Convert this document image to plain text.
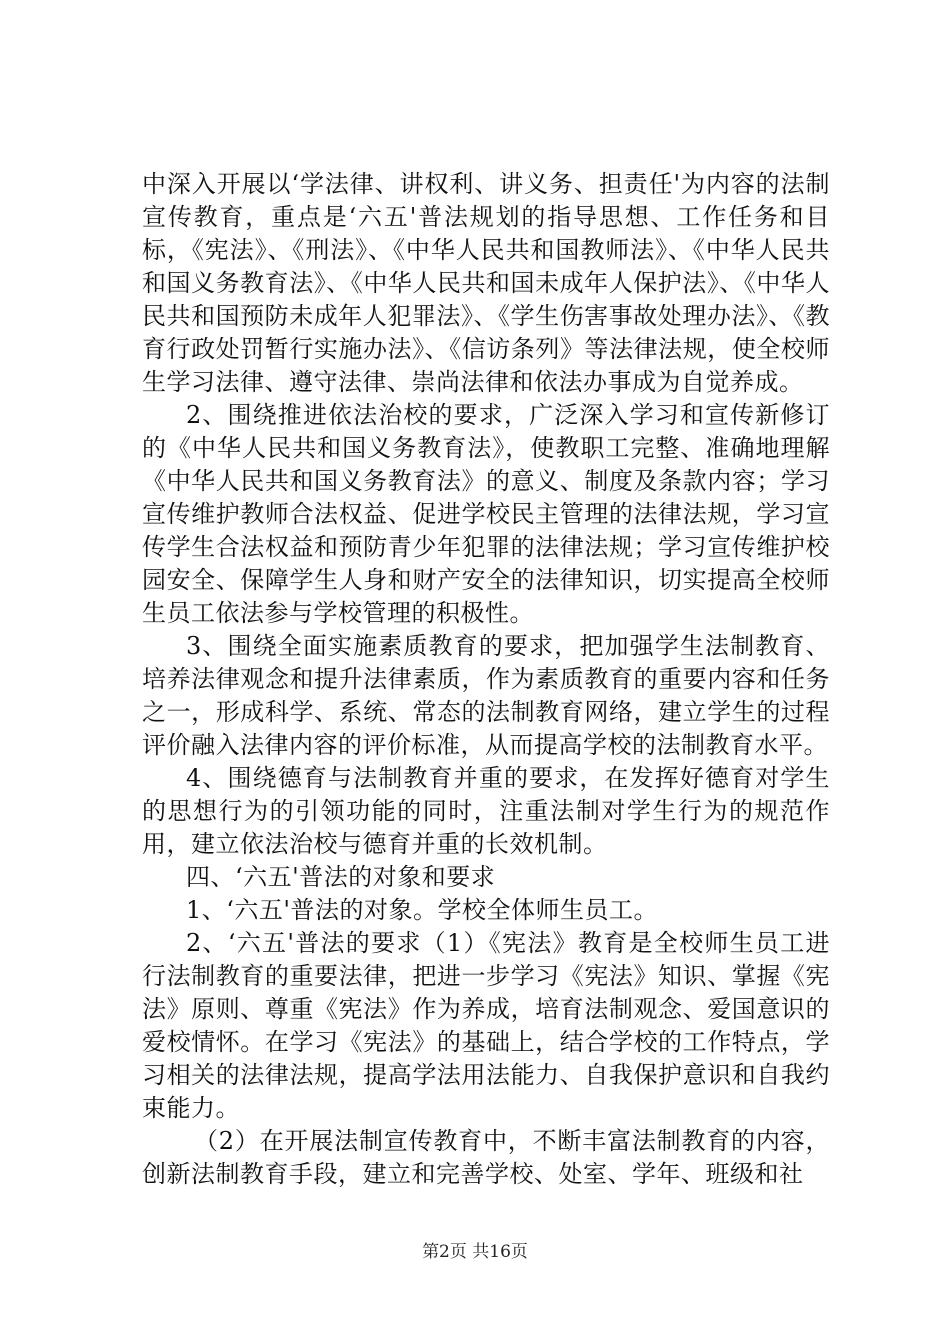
中深入开展以‘学法律、讲权利、讲义务、担责任'为内容的法制宣传教育，重点是‘六五'普法规划的指导思想、工作任务和目标，《宪法》、《刑法》、《中华人民共和国教师法》、《中华人民共和国义务教育法》、《中华人民共和国未成年人保护法》、《中华人民共和国预防未成年人犯罪法》、《学生伤害事故处理办法》、《教育行政处罚暂行实施办法》、《信访条列》等法律法规，使全校师生学习法律、遵守法律、崇尚法律和依法办事成为自觉养成。

2、围绕推进依法治校的要求，广泛深入学习和宣传新修订的《中华人民共和国义务教育法》，使教职工完整、准确地理解《中华人民共和国义务教育法》的意义、制度及条款内容；学习宣传维护教师合法权益、促进学校民主管理的法律法规，学习宣传学生合法权益和预防青少年犯罪的法律法规；学习宣传维护校园安全、保障学生人身和财产安全的法律知识，切实提高全校师生员工依法参与学校管理的积极性。

3、围绕全面实施素质教育的要求，把加强学生法制教育、培养法律观念和提升法律素质，作为素质教育的重要内容和任务之一，形成科学、系统、常态的法制教育网络，建立学生的过程评价融入法律内容的评价标准，从而提高学校的法制教育水平。

4、围绕德育与法制教育并重的要求，在发挥好德育对学生的思想行为的引领功能的同时，注重法制对学生行为的规范作用，建立依法治校与德育并重的长效机制。

四、‘六五'普法的对象和要求

1、‘六五'普法的对象。学校全体师生员工。

2、‘六五'普法的要求（1）《宪法》教育是全校师生员工进行法制教育的重要法律，把进一步学习《宪法》知识、掌握《宪法》原则、尊重《宪法》作为养成，培育法制观念、爱国意识的爱校情怀。在学习《宪法》的基础上，结合学校的工作特点，学习相关的法律法规，提高学法用法能力、自我保护意识和自我约束能力。

（2）在开展法制宣传教育中，不断丰富法制教育的内容，创新法制教育手段，建立和完善学校、处室、学年、班级和社

第2页 共16页
